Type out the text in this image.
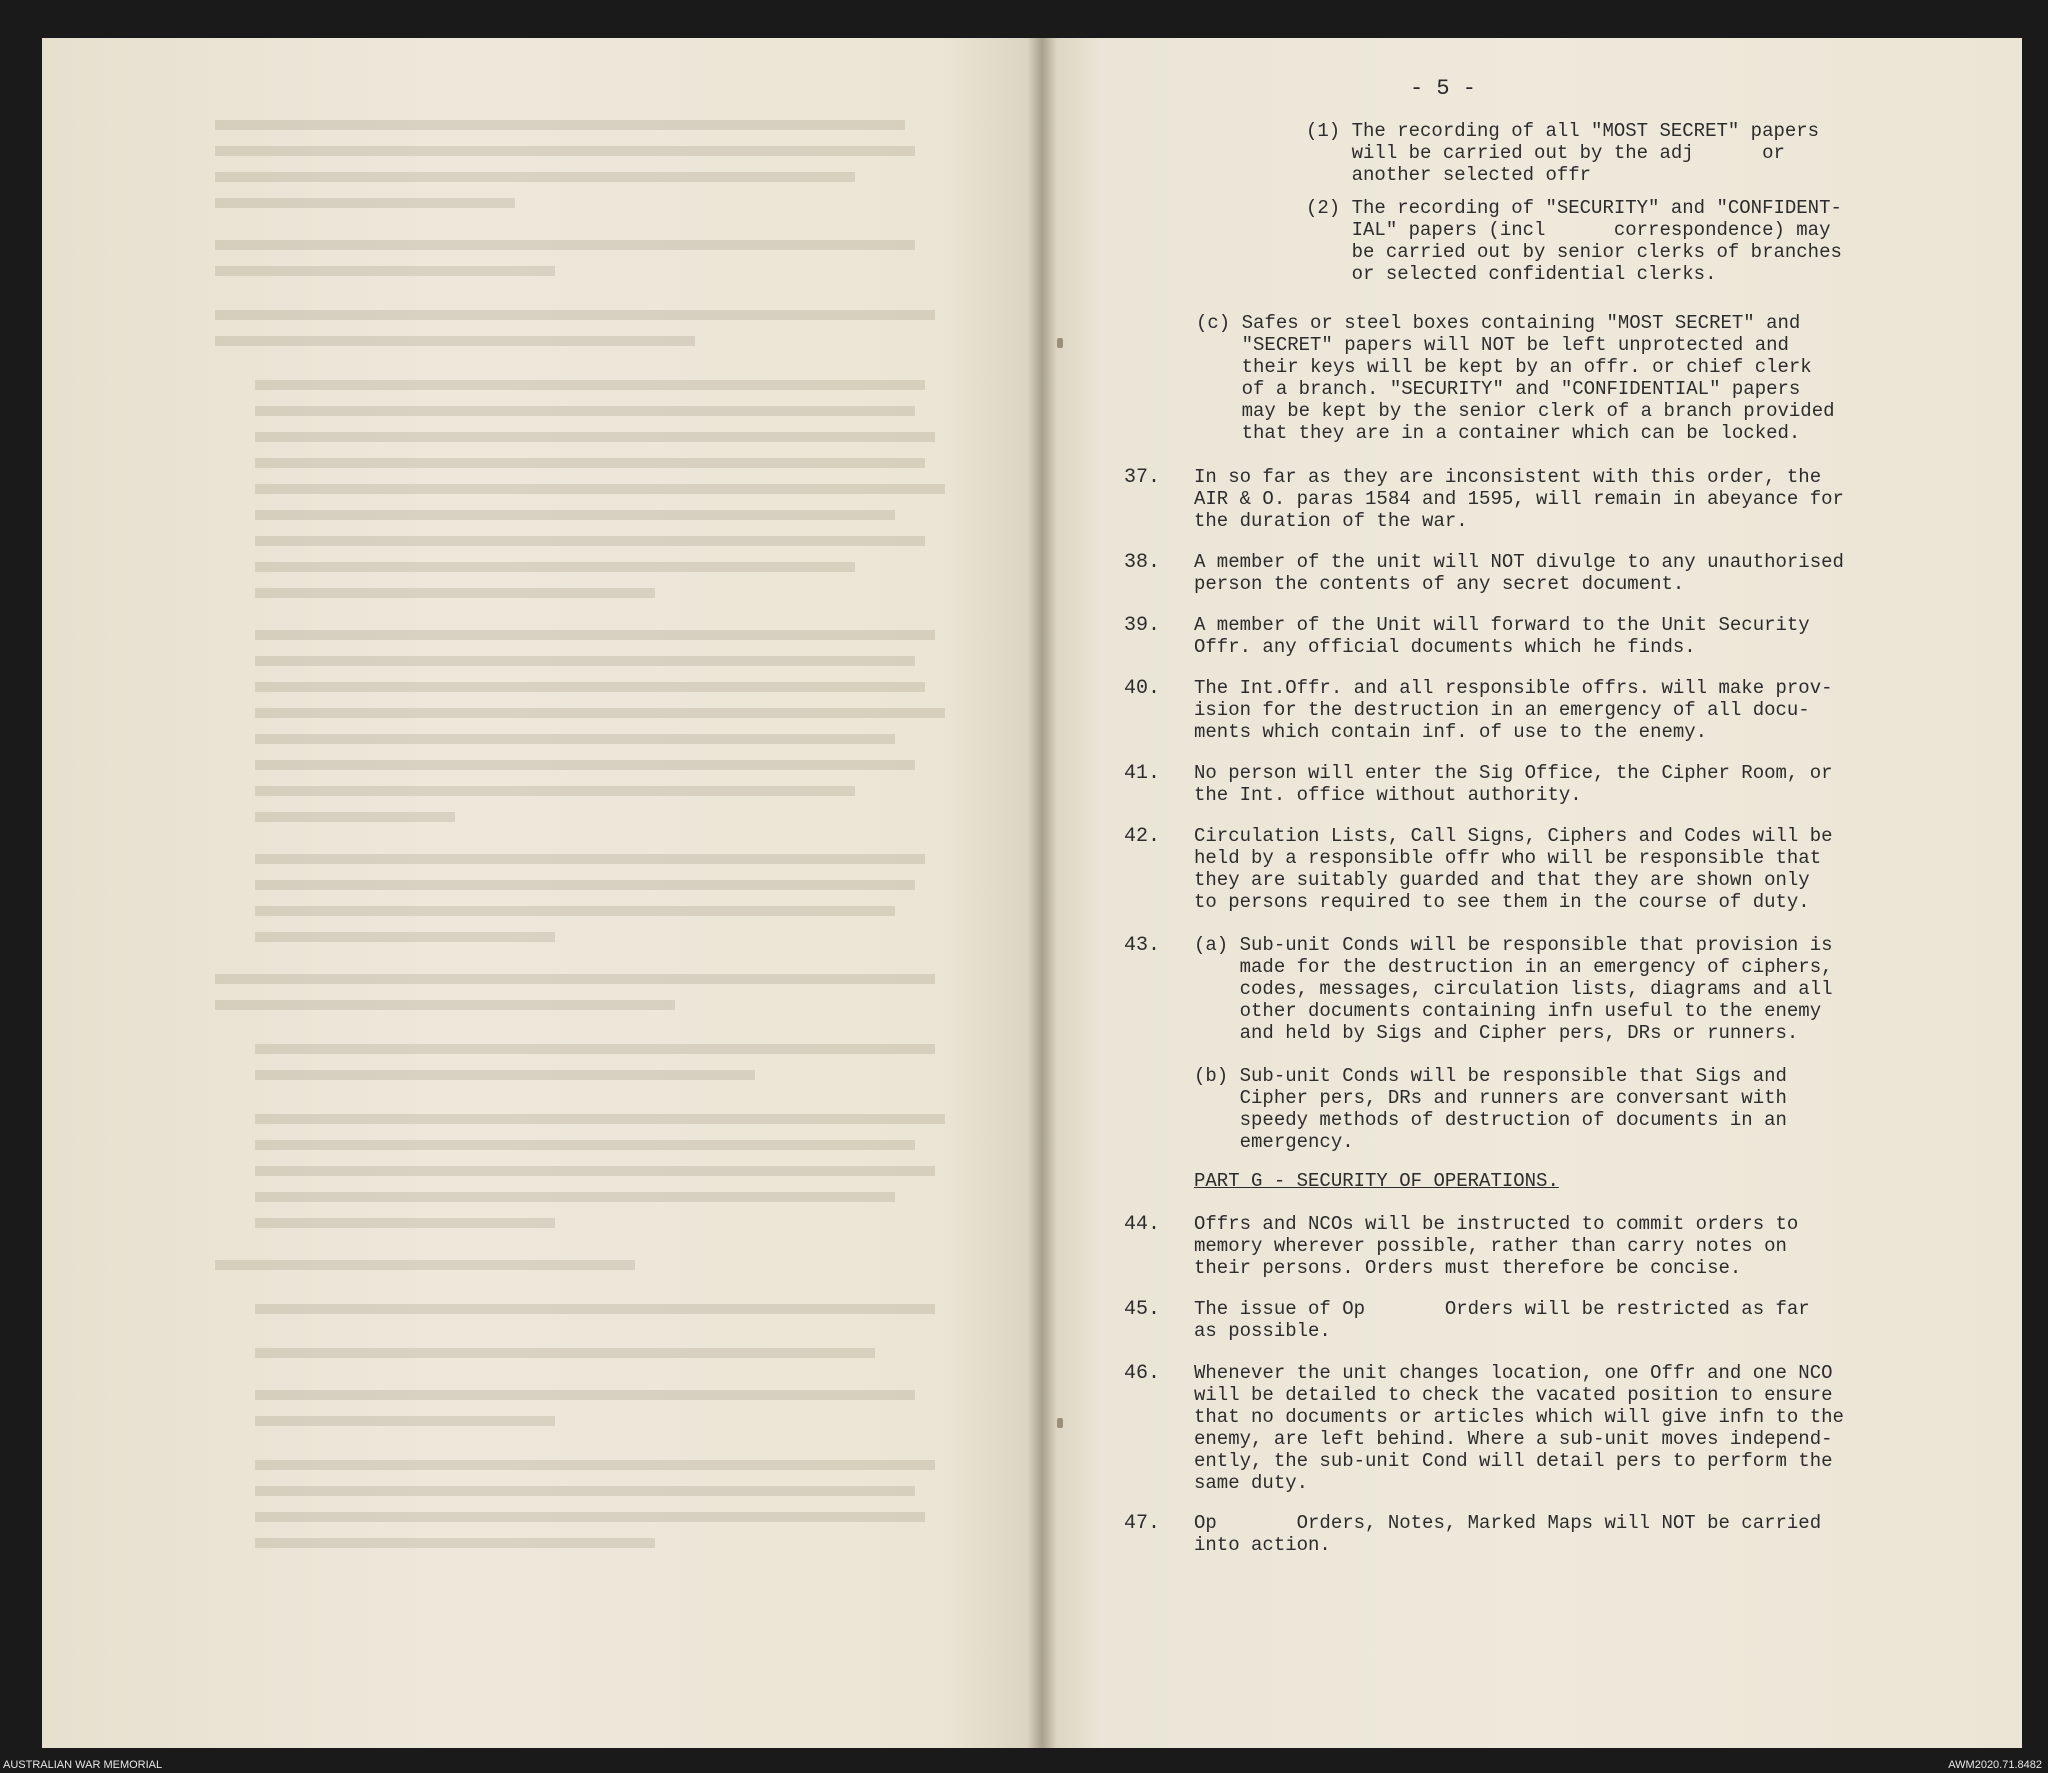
- 5 -
(1) The recording of all "MOST SECRET" papers
will be carried out by the adj      or
another selected offr
(2) The recording of "SECURITY" and "CONFIDENT-
IAL" papers (incl      correspondence) may
be carried out by senior clerks of branches
or selected confidential clerks.
(c) Safes or steel boxes containing "MOST SECRET" and
"SECRET" papers will NOT be left unprotected and
their keys will be kept by an offr. or chief clerk
of a branch. "SECURITY" and "CONFIDENTIAL" papers
may be kept by the senior clerk of a branch provided
that they are in a container which can be locked.
37. In so far as they are inconsistent with this order, the
AIR & O. paras 1584 and 1595, will remain in abeyance for
the duration of the war.
38. A member of the unit will NOT divulge to any unauthorised
person the contents of any secret document.
39. A member of the Unit will forward to the Unit Security
Offr. any official documents which he finds.
40. The Int.Offr. and all responsible offrs. will make prov-
ision for the destruction in an emergency of all docu-
ments which contain inf. of use to the enemy.
41. No person will enter the Sig Office, the Cipher Room, or
the Int. office without authority.
42. Circulation Lists, Call Signs, Ciphers and Codes will be
held by a responsible offr who will be responsible that
they are suitably guarded and that they are shown only
to persons required to see them in the course of duty.
43. (a) Sub-unit Conds will be responsible that provision is
made for the destruction in an emergency of ciphers,
codes, messages, circulation lists, diagrams and all
other documents containing infn useful to the enemy
and held by Sigs and Cipher pers, DRs or runners.
(b) Sub-unit Conds will be responsible that Sigs and
Cipher pers, DRs and runners are conversant with
speedy methods of destruction of documents in an
emergency.
PART G - SECURITY OF OPERATIONS.
44. Offrs and NCOs will be instructed to commit orders to
memory wherever possible, rather than carry notes on
their persons. Orders must therefore be concise.
45. The issue of Op       Orders will be restricted as far
as possible.
46. Whenever the unit changes location, one Offr and one NCO
will be detailed to check the vacated position to ensure
that no documents or articles which will give infn to the
enemy, are left behind. Where a sub-unit moves independ-
ently, the sub-unit Cond will detail pers to perform the
same duty.
47. Op       Orders, Notes, Marked Maps will NOT be carried
into action.
AUSTRALIAN WAR MEMORIAL	AWM2020.71.8482
